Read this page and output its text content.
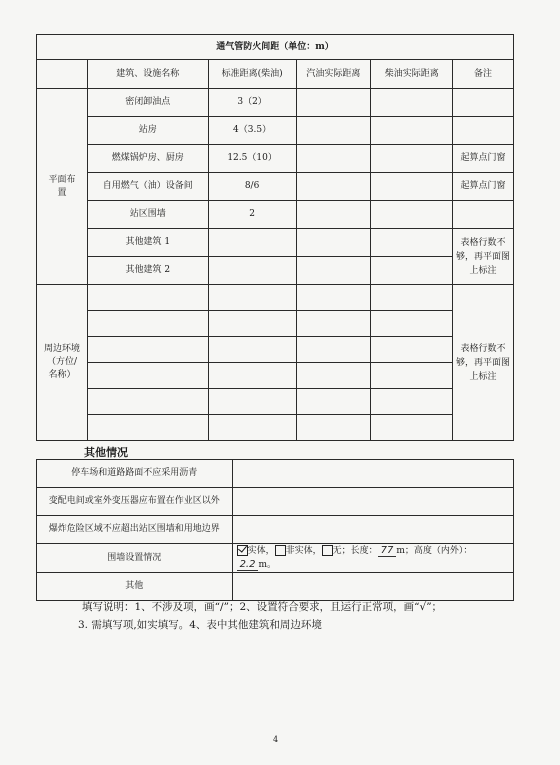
通气管防火间距（单位：m）					
	建筑、设施名称	标准距离(柴油)	汽油实际距离	柴油实际距离	备注
平面布置	密闭卸油点	3（2）			
	站房	4（3.5）			
	燃煤锅炉房、厨房	12.5（10）			起算点门窗
	自用燃气（油）设备间	8/6			起算点门窗
	站区围墙	2			
	其他建筑 1				表格行数不够，再平面图上标注
	其他建筑 2				
周边环境（方位/名称）					表格行数不够，再平面图上标注

其他情况
停车场和道路路面不应采用沥青	
变配电间或室外变压器应布置在作业区以外	
爆炸危险区域不应超出站区围墙和用地边界	
围墙设置情况	实体， 非实体， 无；长度： 77 m；高度（内外）：2.2 m。
其他	
填写说明：1、不涉及项，画“/”；2、设置符合要求，且运行正常项，画“√”；
3. 需填写项,如实填写。4、表中其他建筑和周边环境
4
